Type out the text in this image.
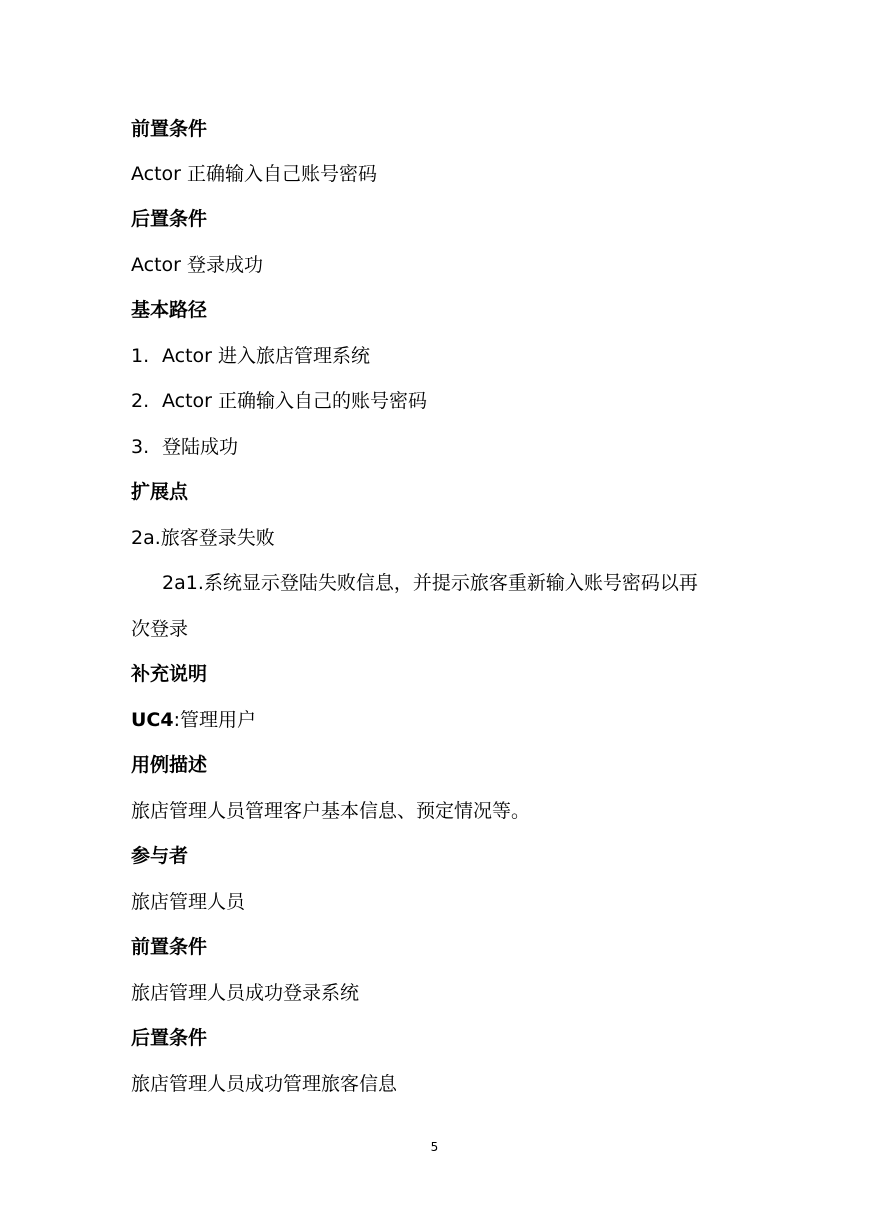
前置条件
Actor 正确输入自己账号密码
后置条件
Actor 登录成功
基本路径
1. Actor 进入旅店管理系统
2. Actor 正确输入自己的账号密码
3. 登陆成功
扩展点
2a.旅客登录失败
2a1.系统显示登陆失败信息，并提示旅客重新输入账号密码以再
次登录
补充说明
UC4:管理用户
用例描述
旅店管理人员管理客户基本信息、预定情况等。
参与者
旅店管理人员
前置条件
旅店管理人员成功登录系统
后置条件
旅店管理人员成功管理旅客信息
5
